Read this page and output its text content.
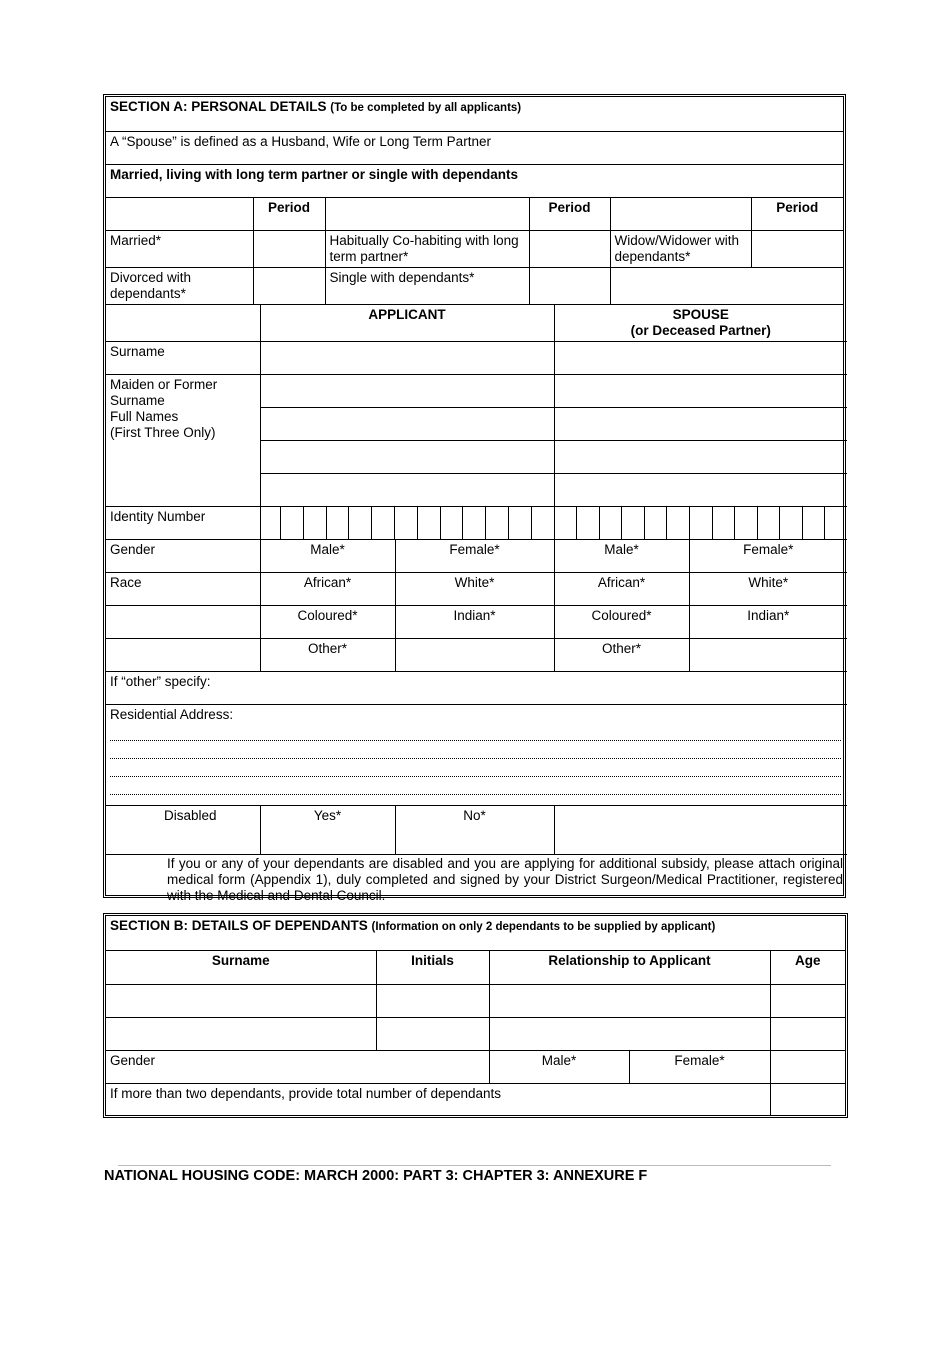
SECTION A: PERSONAL DETAILS (To be completed by all applicants)					
A “Spouse” is defined as a Husband, Wife or Long Term Partner					
Married, living with long term partner or single with dependants					
	Period		Period		Period
Married*		Habitually Co-habiting with long term partner*		Widow/Widower with dependants*	
Divorced with dependants*		Single with dependants*			
	APPLICANT		SPOUSE
(or Deceased Partner)	

Surname				

Maiden or Former Surname
Full Names
(First Three Only)				

Identity Number			

Gender	Male*	Female*	Male*	Female*
Race	African*	White*	African*	White*
	Coloured*	Indian*	Coloured*	Indian*
	Other*		Other*	
If “other” specify:				

Residential Address:				

Disabled	Yes*	No*		

If you or any of your dependants are disabled and you are applying for additional subsidy, please attach original medical form (Appendix 1), duly completed and signed by your District Surgeon/Medical Practitioner, registered with the Medical and Dental Council.				
SECTION B: DETAILS OF DEPENDANTS (Information on only 2 dependants to be supplied by applicant)				
Surname	Initials	Relationship to Applicant		Age

Gender		Male*	Female*	
If more than two dependants, provide total number of dependants				
NATIONAL HOUSING CODE: MARCH 2000: PART 3: CHAPTER 3: ANNEXURE F
